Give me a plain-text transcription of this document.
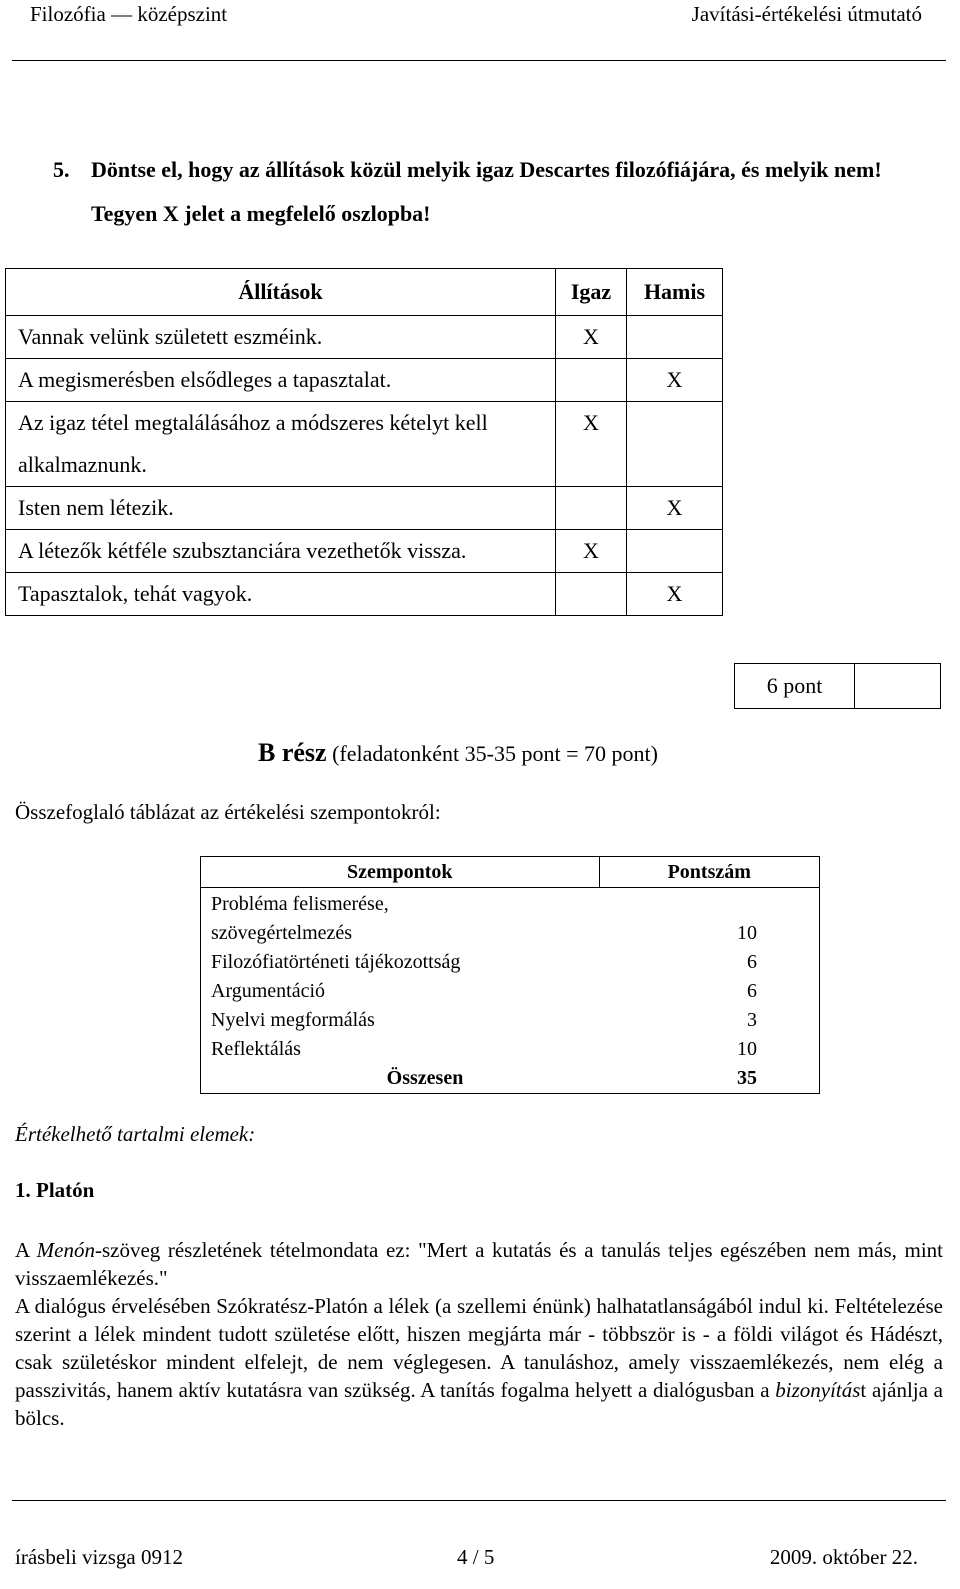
Filozófia — középszint	Javítási-értékelési útmutató
5. Döntse el, hogy az állítások közül melyik igaz Descartes filozófiájára, és melyik nem! Tegyen X jelet a megfelelő oszlopba!
Állítások	Igaz	Hamis
Vannak velünk született eszméink.	X	
A megismerésben elsődleges a tapasztalat.		X
Az igaz tétel megtalálásához a módszeres kételyt kell alkalmaznunk.	X	
Isten nem létezik.		X
A létezők kétféle szubsztanciára vezethetők vissza.	X	
Tapasztalok, tehát vagyok.		X
6 pont	
B rész (feladatonként 35-35 pont = 70 pont)
Összefoglaló táblázat az értékelési szempontokról:
Szempontok	Pontszám
Probléma felismerése,
szövegértelmezés	10
Filozófiatörténeti tájékozottság	6
Argumentáció	6
Nyelvi megformálás	3
Reflektálás	10
Összesen	35
Értékelhető tartalmi elemek:
1. Platón
A Menón-szöveg részletének tételmondata ez: "Mert a kutatás és a tanulás teljes egészében nem más, mint visszaemlékezés."
A dialógus érvelésében Szókratész-Platón a lélek (a szellemi énünk) halhatatlanságából indul ki. Feltételezése szerint a lélek mindent tudott születése előtt, hiszen megjárta már - többször is - a földi világot és Hádészt, csak születéskor mindent elfelejt, de nem véglegesen. A tanuláshoz, amely visszaemlékezés, nem elég a passzivitás, hanem aktív kutatásra van szükség. A tanítás fogalma helyett a dialógusban a bizonyítást ajánlja a bölcs.
írásbeli vizsga 0912	4 / 5	2009. október 22.
